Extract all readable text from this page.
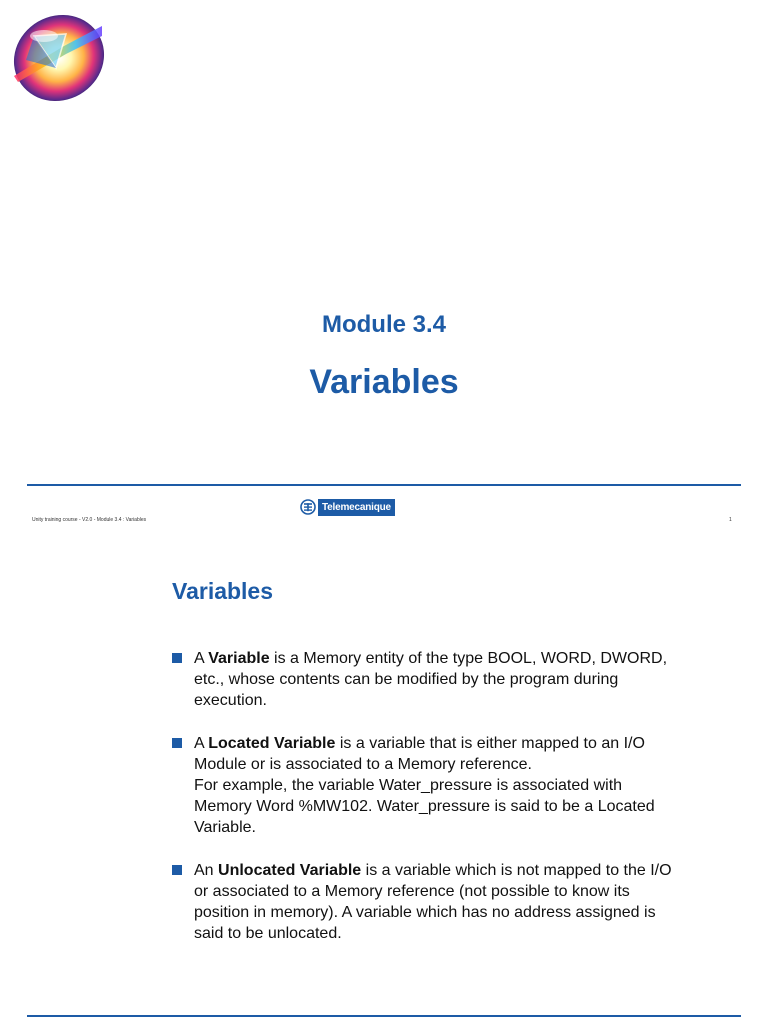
Module 3.4
Variables
Telemecanique
Unity training course - V2.0 - Module 3.4 : Variables	1
Variables
A Variable is a Memory entity of the type BOOL, WORD, DWORD,
etc., whose contents can be modified by the program during
execution.
A Located Variable is a variable that is either mapped to an I/O
Module or is associated to a Memory reference.
For example, the variable Water_pressure is associated with
Memory Word %MW102. Water_pressure is said to be a Located
Variable.
An Unlocated Variable is a variable which is not mapped to the I/O
or associated to a Memory reference (not possible to know its
position in memory). A variable which has no address assigned is
said to be unlocated.
